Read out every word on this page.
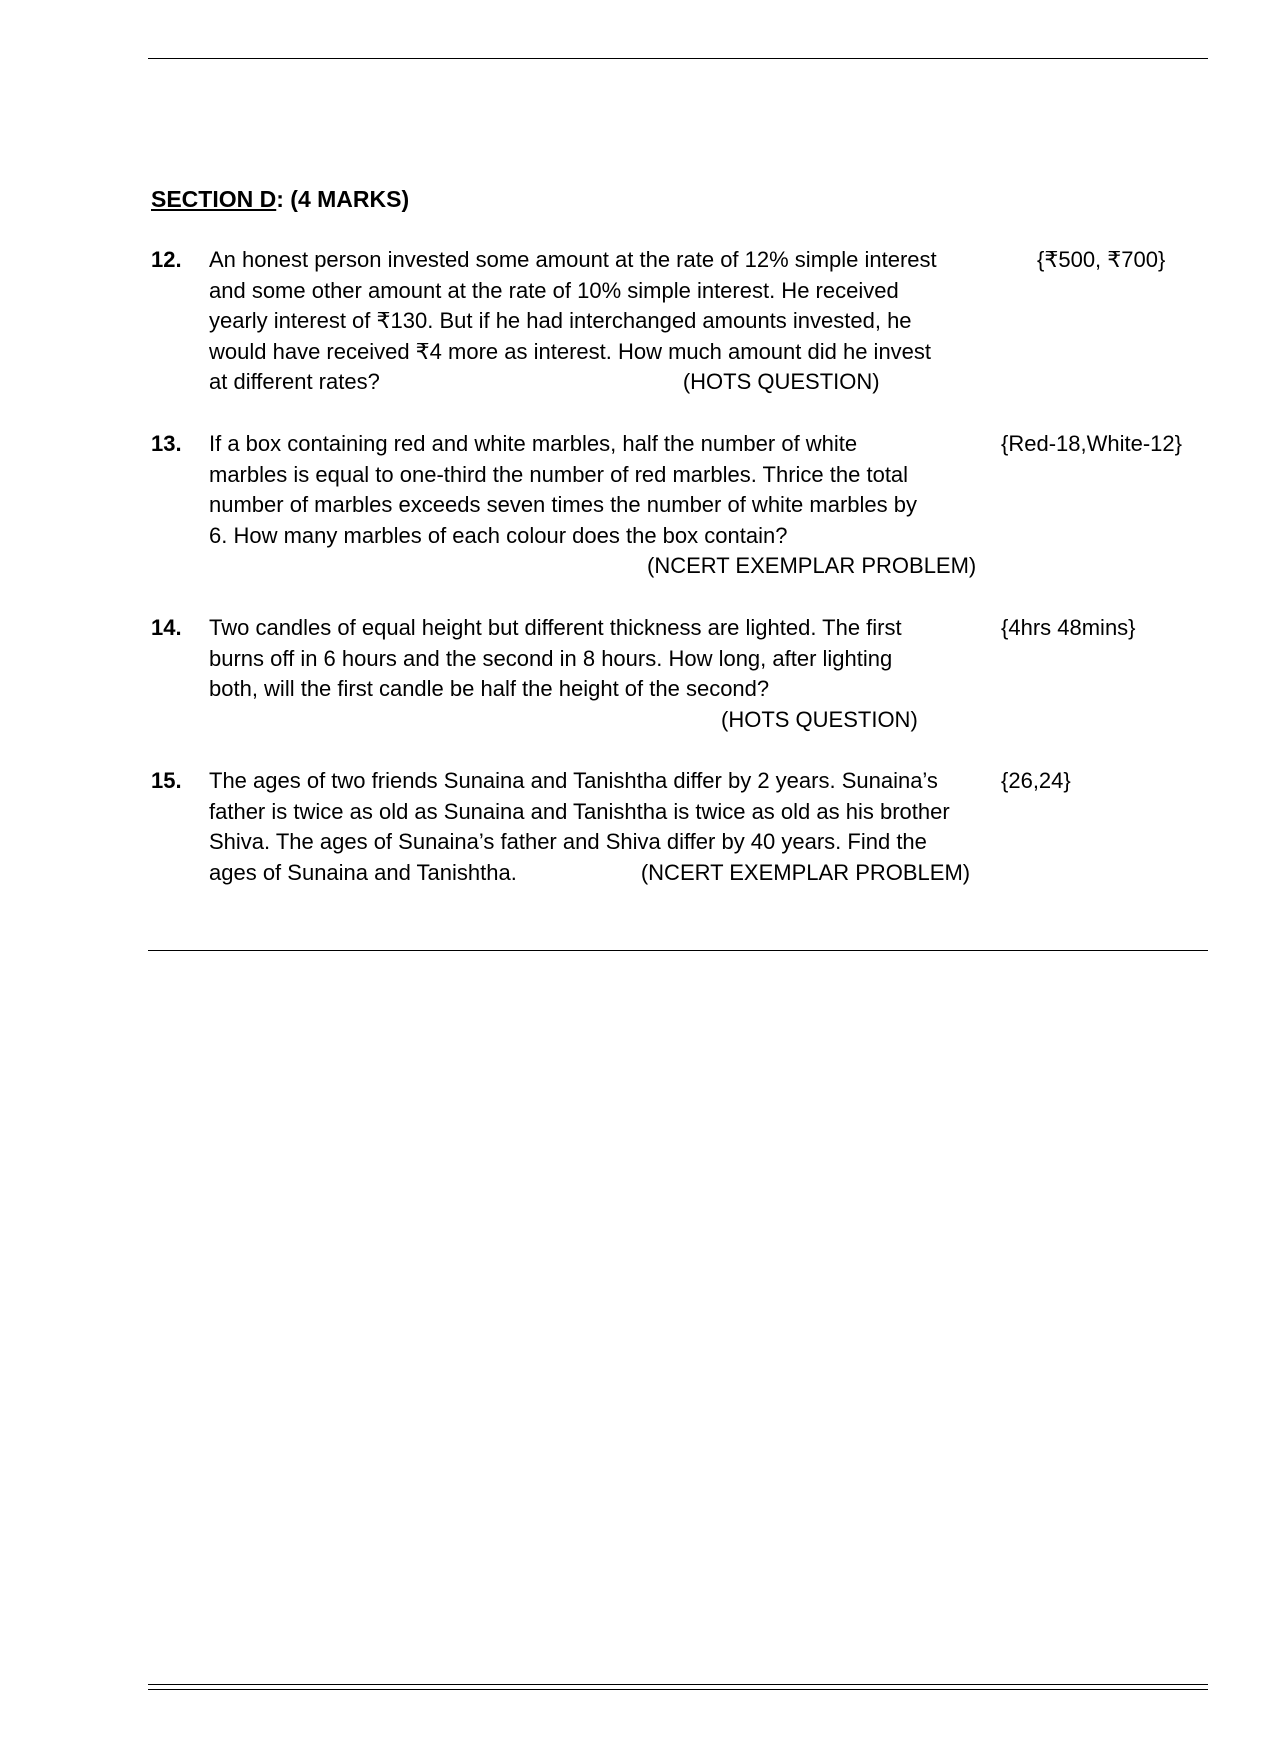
SECTION D: (4 MARKS)
12. An honest person invested some amount at the rate of 12% simple interest
and some other amount at the rate of 10% simple interest. He received
yearly interest of ₹130. But if he had interchanged amounts invested, he
would have received ₹4 more as interest. How much amount did he invest
at different rates?	(HOTS QUESTION)
{₹500, ₹700}
13. If a box containing red and white marbles, half the number of white
marbles is equal to one-third the number of red marbles. Thrice the total
number of marbles exceeds seven times the number of white marbles by
6. How many marbles of each colour does the box contain?
(NCERT EXEMPLAR PROBLEM)
{Red-18,White-12}
14. Two candles of equal height but different thickness are lighted. The first
burns off in 6 hours and the second in 8 hours. How long, after lighting
both, will the first candle be half the height of the second?
(HOTS QUESTION)
{4hrs 48mins}
15. The ages of two friends Sunaina and Tanishtha differ by 2 years. Sunaina’s
father is twice as old as Sunaina and Tanishtha is twice as old as his brother
Shiva. The ages of Sunaina’s father and Shiva differ by 40 years. Find the
ages of Sunaina and Tanishtha.	(NCERT EXEMPLAR PROBLEM)
{26,24}
